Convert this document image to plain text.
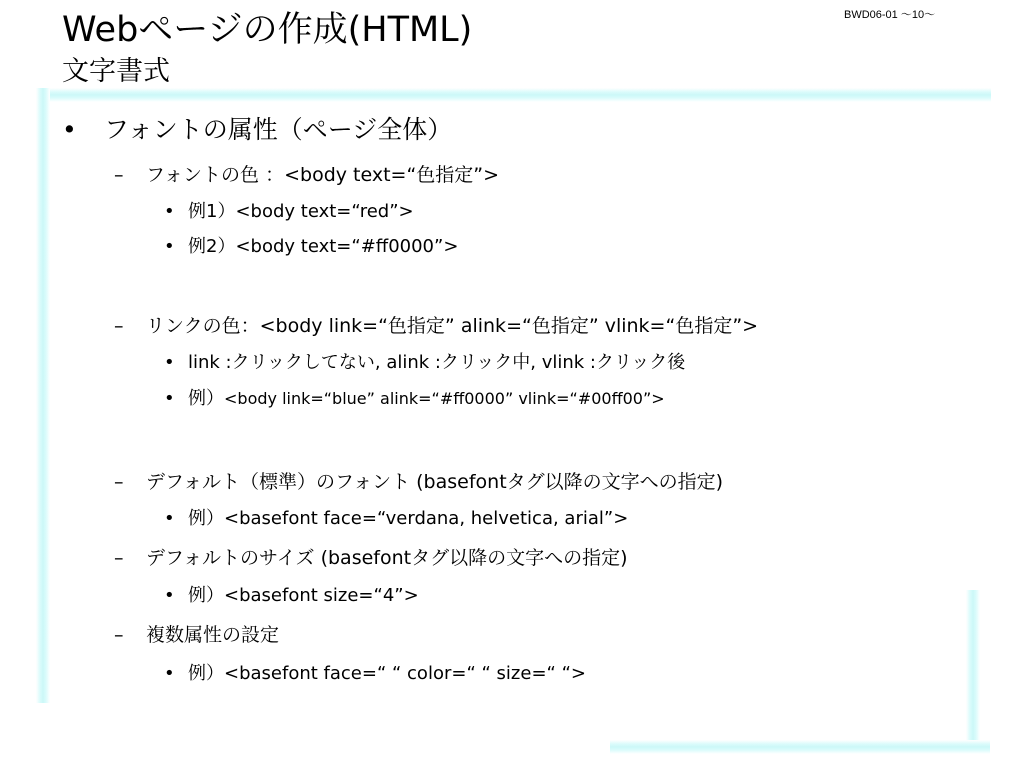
BWD06-01 ～10～
Webページの作成(HTML)
文字書式
• フォントの属性（ページ全体）
– フォントの色 ：<body text=“色指定”>
• 例1）<body text=“red”>
• 例2）<body text=“#ff0000”>
– リンクの色：<body link=“色指定” alink=“色指定” vlink=“色指定”>
• link :クリックしてない, alink :クリック中, vlink :クリック後
• 例）<body link=“blue” alink=“#ff0000” vlink=“#00ff00”>
– デフォルト（標準）のフォント (basefontタグ以降の文字への指定)
• 例）<basefont face=“verdana, helvetica, arial”>
– デフォルトのサイズ (basefontタグ以降の文字への指定)
• 例）<basefont size=“4”>
– 複数属性の設定
• 例）<basefont face=“ “ color=“ “ size=“ “>
